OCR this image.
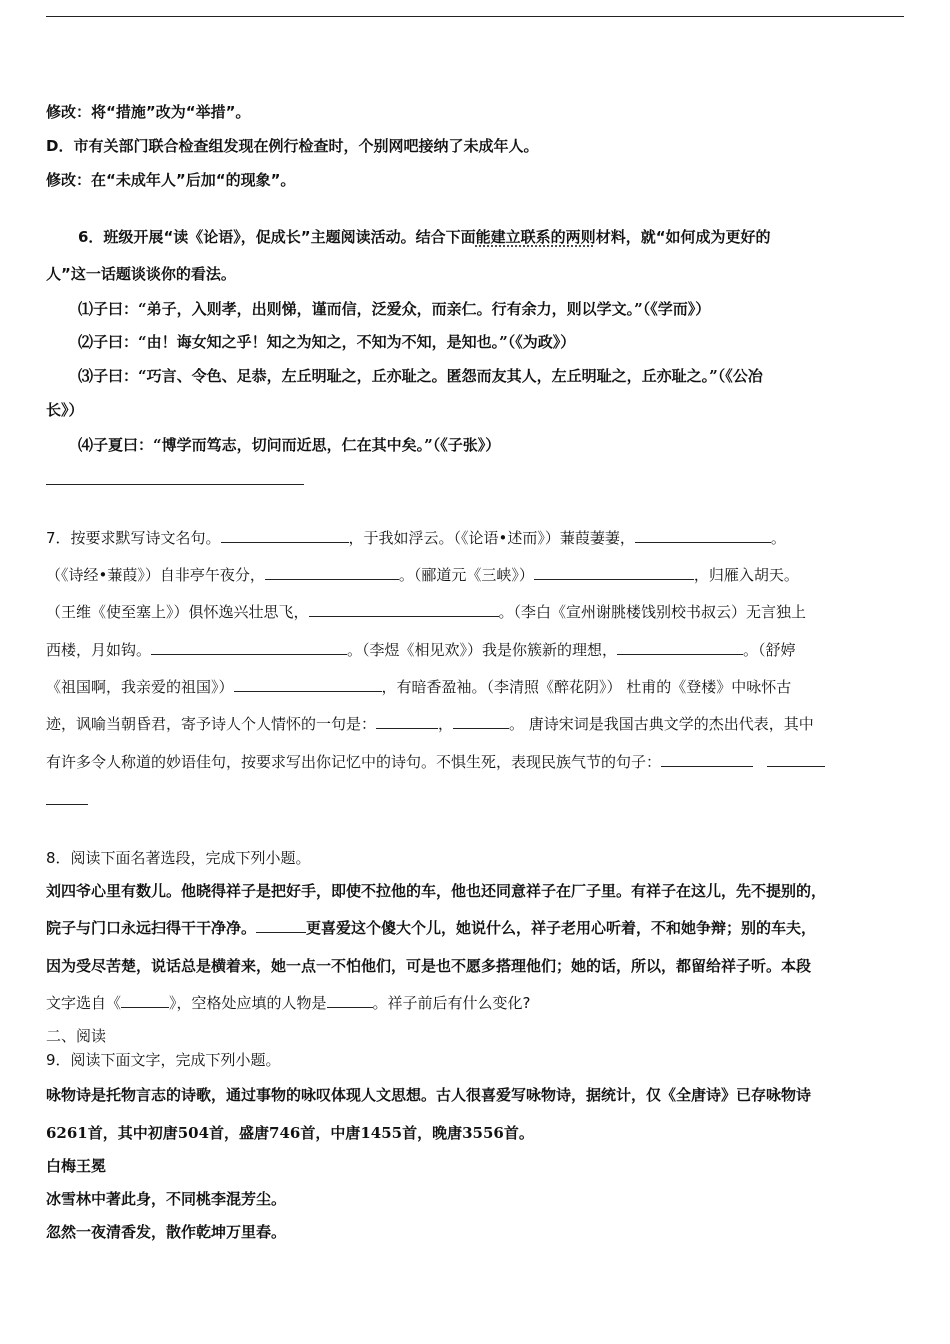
修改：将“措施”改为“举措”。
D．市有关部门联合检查组发现在例行检查时，个别网吧接纳了未成年人。
修改：在“未成年人”后加“的现象”。
6．班级开展“读《论语》，促成长”主题阅读活动。结合下面能建立联系的两则材料，就“如何成为更好的
人”这一话题谈谈你的看法。
⑴子曰：“弟子，入则孝，出则悌，谨而信，泛爱众，而亲仁。行有余力，则以学文。”（《学而》）
⑵子曰：“由！诲女知之乎！知之为知之，不知为不知，是知也。”（《为政》）
⑶子曰：“巧言、令色、足恭，左丘明耻之，丘亦耻之。匿怨而友其人，左丘明耻之，丘亦耻之。”（《公冶
长》）
⑷子夏曰：“博学而笃志，切问而近思，仁在其中矣。”（《子张》）
7．按要求默写诗文名句。	，于我如浮云。（《论语•述而》）蒹葭萋萋，	。
（《诗经•蒹葭》）自非亭午夜分，	。（郦道元《三峡》）	，归雁入胡天。
（王维《使至塞上》）俱怀逸兴壮思飞，	。（李白《宣州谢朓楼饯别校书叔云）无言独上
西楼，月如钩。	。（李煜《相见欢》）我是你簇新的理想，	。（舒婷
《祖国啊，我亲爱的祖国》）	，有暗香盈袖。（李清照《醉花阴》） 杜甫的《登楼》中咏怀古
迹，讽喻当朝昏君，寄予诗人个人情怀的一句是：	，	。 唐诗宋词是我国古典文学的杰出代表，其中
有许多令人称道的妙语佳句，按要求写出你记忆中的诗句。不惧生死，表现民族气节的句子：
8．阅读下面名著选段，完成下列小题。
刘四爷心里有数儿。他晓得祥子是把好手，即使不拉他的车，他也还同意祥子在厂子里。有祥子在这儿，先不提别的，
院子与门口永远扫得干干净净。	更喜爱这个傻大个儿，她说什么，祥子老用心听着，不和她争辩；别的车夫，
因为受尽苦楚，说话总是横着来，她一点一不怕他们，可是也不愿多搭理他们；她的话，所以，都留给祥子听。本段
文字选自《	》，空格处应填的人物是	。祥子前后有什么变化?
二、阅读
9．阅读下面文字，完成下列小题。
咏物诗是托物言志的诗歌，通过事物的咏叹体现人文思想。古人很喜爱写咏物诗，据统计，仅《全唐诗》已存咏物诗
6261首，其中初唐504首，盛唐746首，中唐1455首，晚唐3556首。
白梅王冕
冰雪林中著此身，不同桃李混芳尘。
忽然一夜清香发，散作乾坤万里春。
